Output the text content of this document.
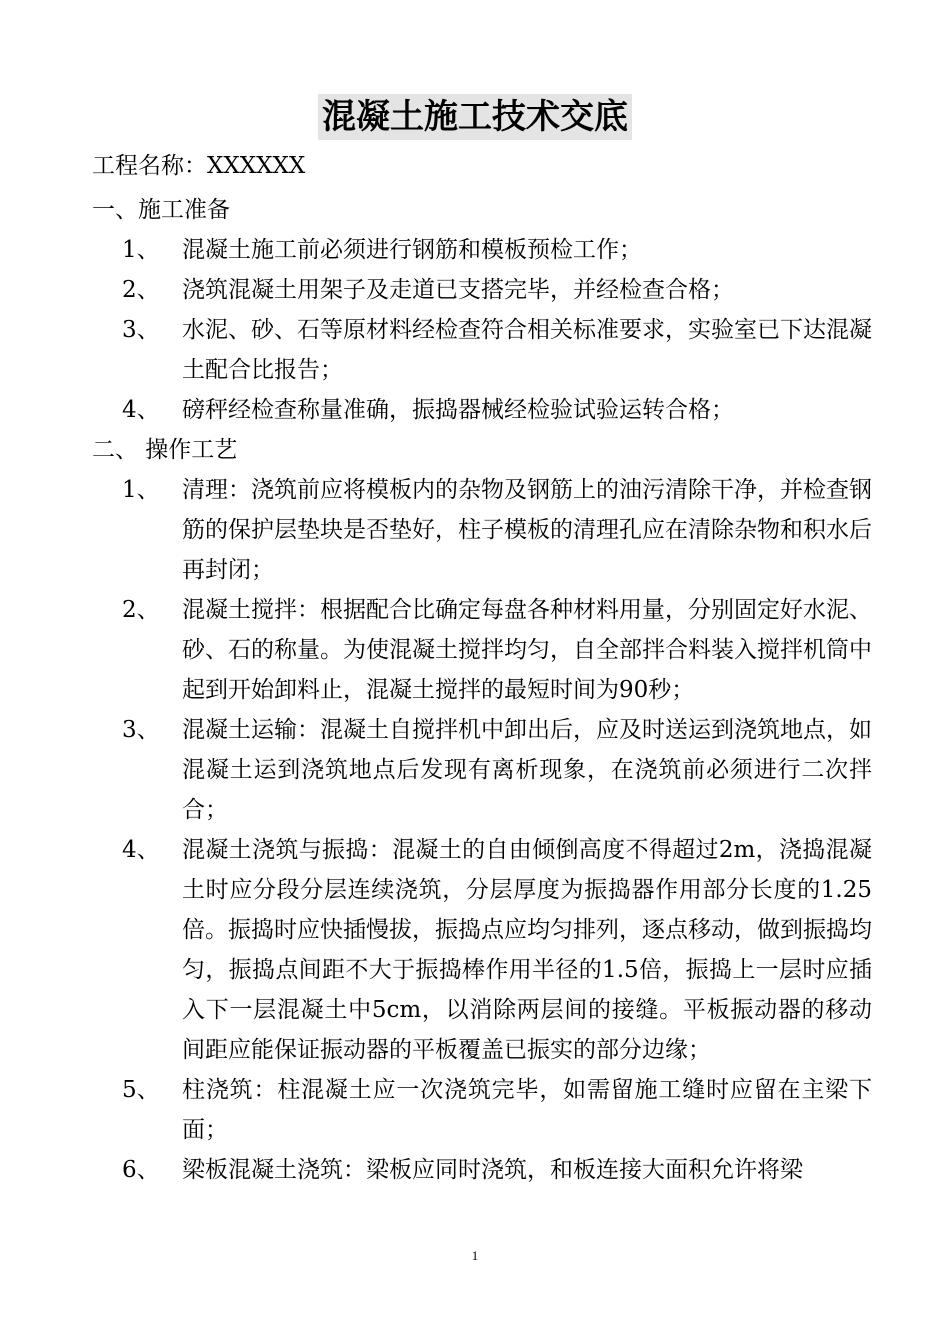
混凝土施工技术交底

工程名称：XXXXXX

一、施工准备

1、 混凝土施工前必须进行钢筋和模板预检工作；
2、 浇筑混凝土用架子及走道已支搭完毕，并经检查合格；
3、 水泥、砂、石等原材料经检查符合相关标准要求，实验室已下达混凝土配合比报告；
4、 磅秤经检查称量准确，振捣器械经检验试验运转合格；

二、 操作工艺

1、 清理：浇筑前应将模板内的杂物及钢筋上的油污清除干净，并检查钢筋的保护层垫块是否垫好，柱子模板的清理孔应在清除杂物和积水后再封闭；
2、 混凝土搅拌：根据配合比确定每盘各种材料用量，分别固定好水泥、砂、石的称量。为使混凝土搅拌均匀，自全部拌合料装入搅拌机筒中起到开始卸料止，混凝土搅拌的最短时间为90秒；
3、 混凝土运输：混凝土自搅拌机中卸出后，应及时送运到浇筑地点，如混凝土运到浇筑地点后发现有离析现象，在浇筑前必须进行二次拌合；
4、 混凝土浇筑与振捣：混凝土的自由倾倒高度不得超过2m，浇捣混凝土时应分段分层连续浇筑，分层厚度为振捣器作用部分长度的1.25倍。振捣时应快插慢拔，振捣点应均匀排列，逐点移动，做到振捣均匀，振捣点间距不大于振捣棒作用半径的1.5倍，振捣上一层时应插入下一层混凝土中5cm，以消除两层间的接缝。平板振动器的移动间距应能保证振动器的平板覆盖已振实的部分边缘；
5、 柱浇筑：柱混凝土应一次浇筑完毕，如需留施工缝时应留在主梁下面；
6、 梁板混凝土浇筑：梁板应同时浇筑，和板连接大面积允许将梁
1
